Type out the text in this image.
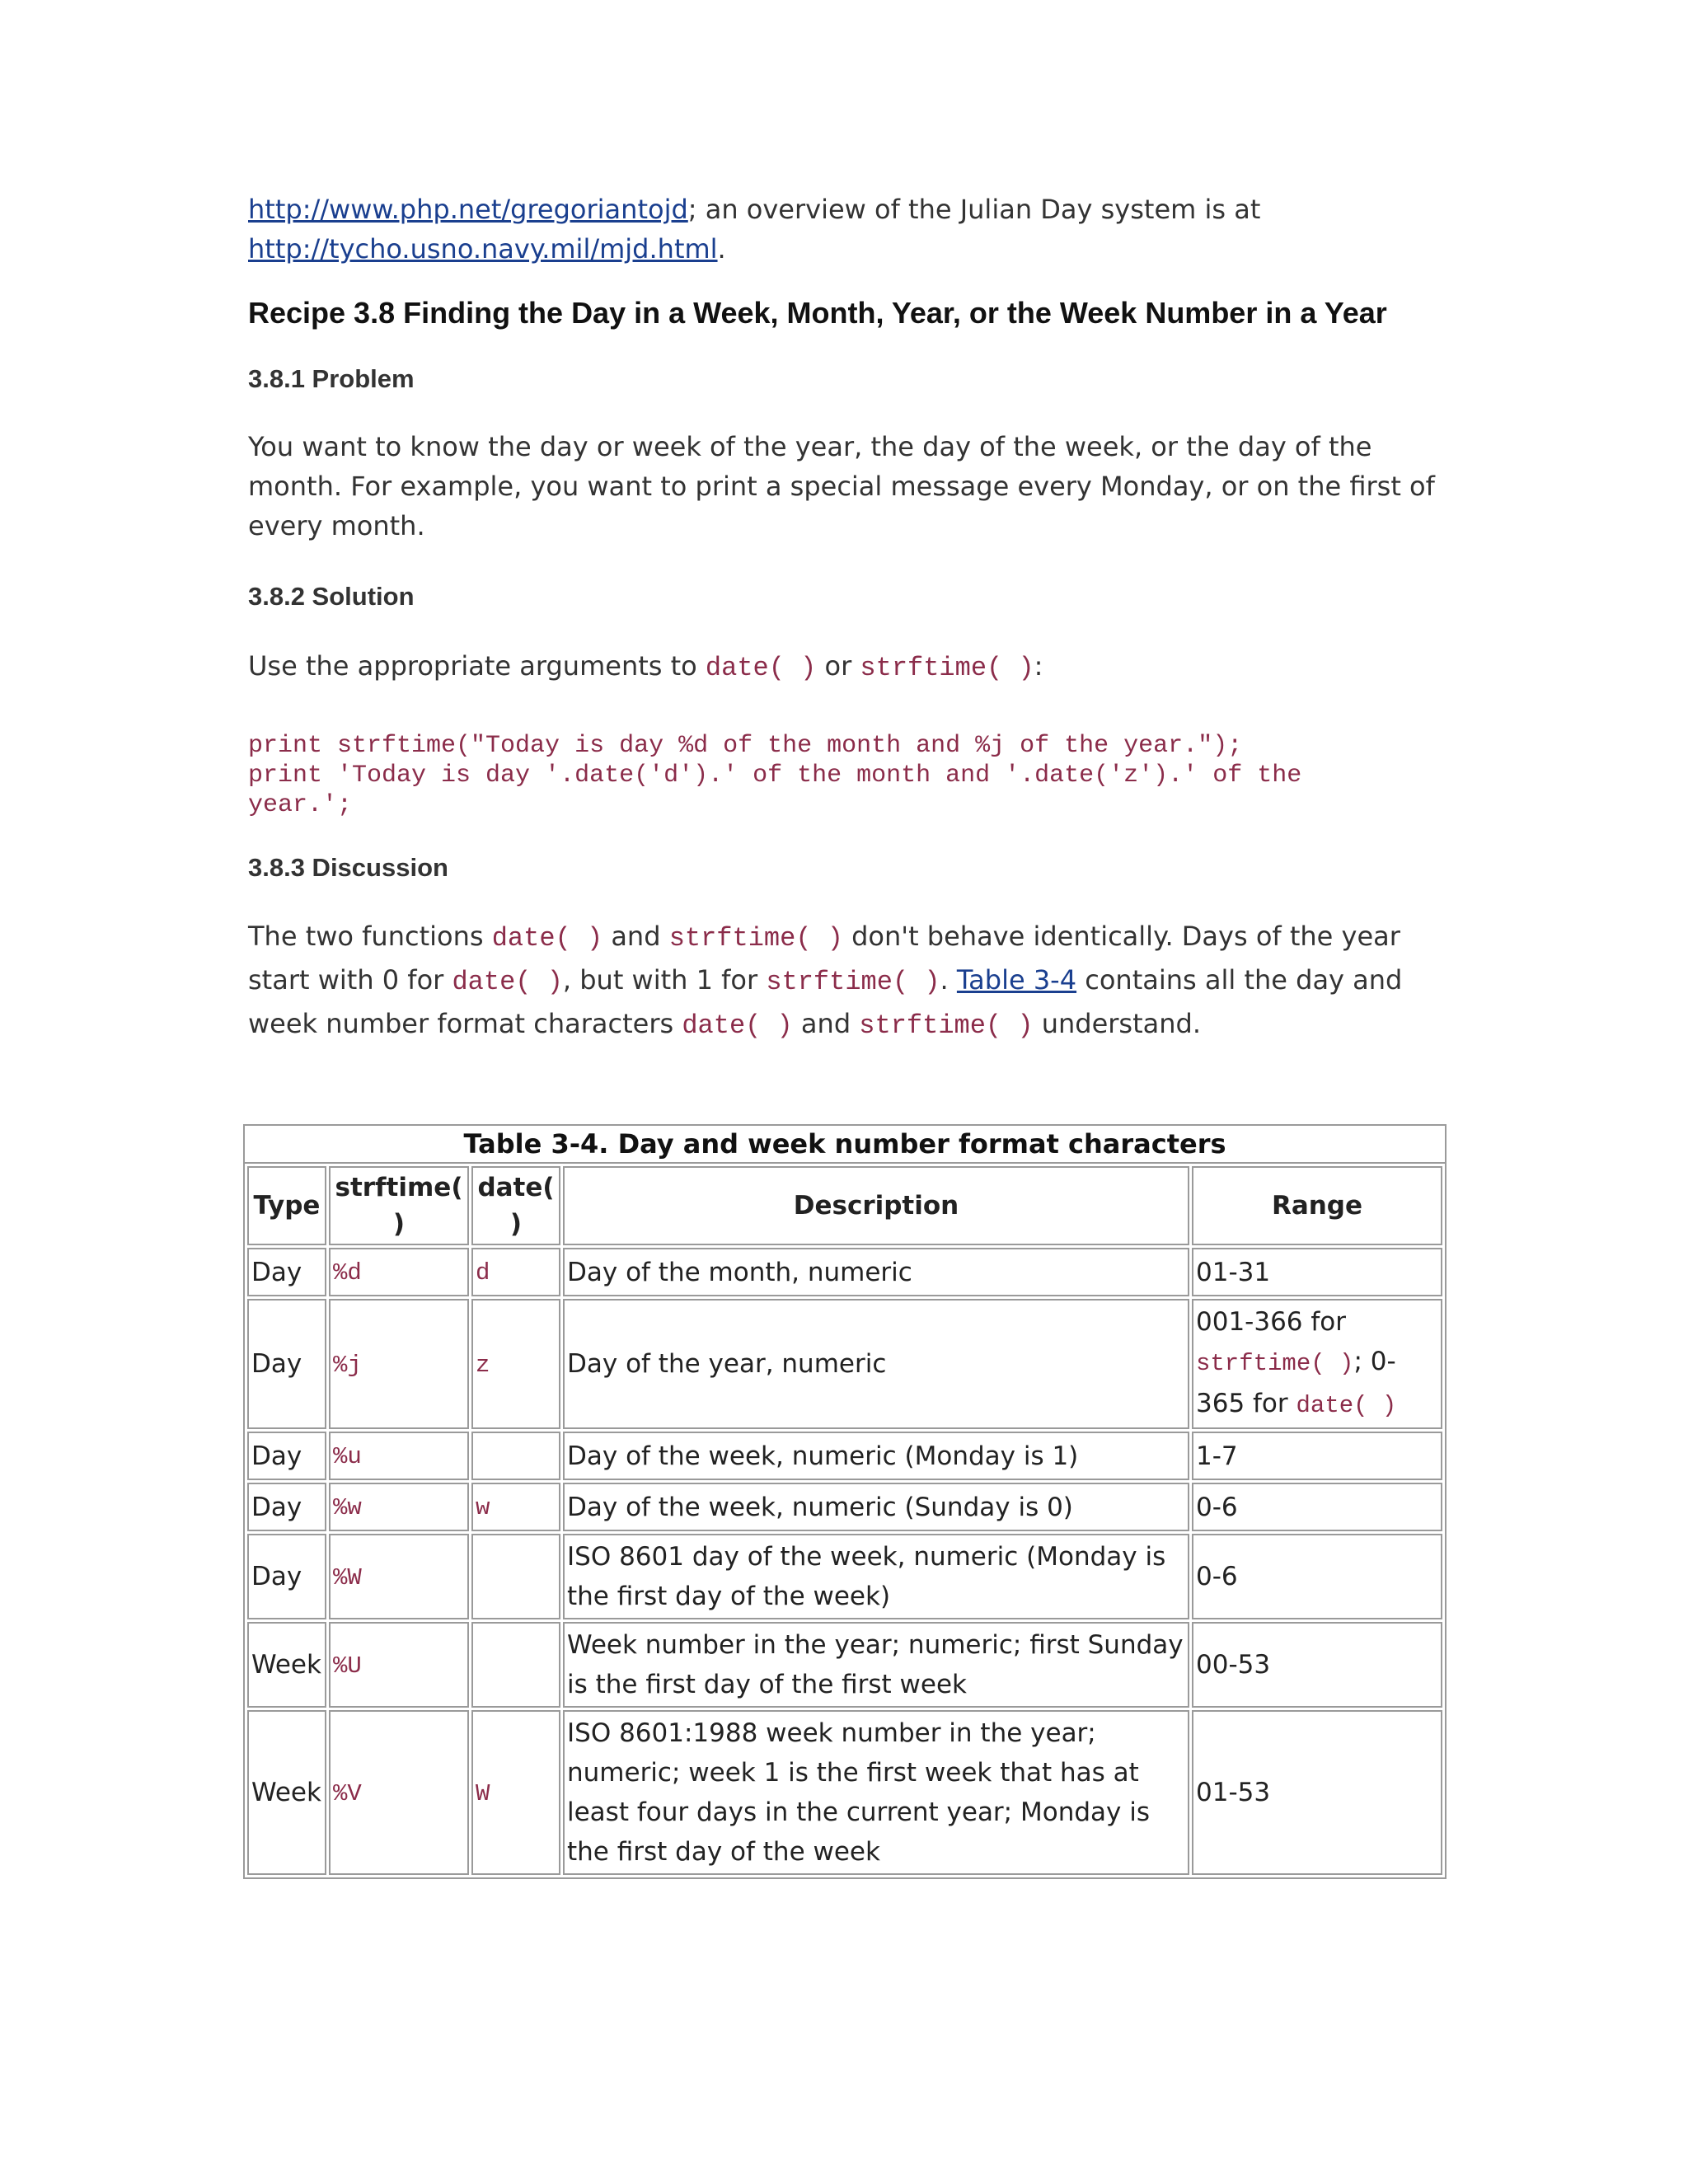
http://www.php.net/gregoriantojd; an overview of the Julian Day system is at
http://tycho.usno.navy.mil/mjd.html.

Recipe 3.8 Finding the Day in a Week, Month, Year, or the Week Number in a Year
3.8.1 Problem

You want to know the day or week of the year, the day of the week, or the day of the month. For example, you want to print a special message every Monday, or on the first of every month.

3.8.2 Solution

Use the appropriate arguments to date( ) or strftime( ):

print strftime("Today is day %d of the month and %j of the year.");
print 'Today is day '.date('d').' of the month and '.date('z').' of the
year.';
3.8.3 Discussion

The two functions date( ) and strftime( ) don't behave identically. Days of the year start with 0 for date( ), but with 1 for strftime( ). Table 3-4 contains all the day and week number format characters date( ) and strftime( ) understand.

Table 3-4. Day and week number format characters
Type	strftime( )	date( )	Description	Range
Day	%d	d	Day of the month, numeric	01-31
Day	%j	z	Day of the year, numeric	001-366 for strftime( ); 0-365 for date( )
Day	%u		Day of the week, numeric (Monday is 1)	1-7
Day	%w	w	Day of the week, numeric (Sunday is 0)	0-6
Day	%W		ISO 8601 day of the week, numeric (Monday is the first day of the week)	0-6
Week	%U		Week number in the year; numeric; first Sunday is the first day of the first week	00-53
Week	%V	W	ISO 8601:1988 week number in the year; numeric; week 1 is the first week that has at least four days in the current year; Monday is the first day of the week	01-53
